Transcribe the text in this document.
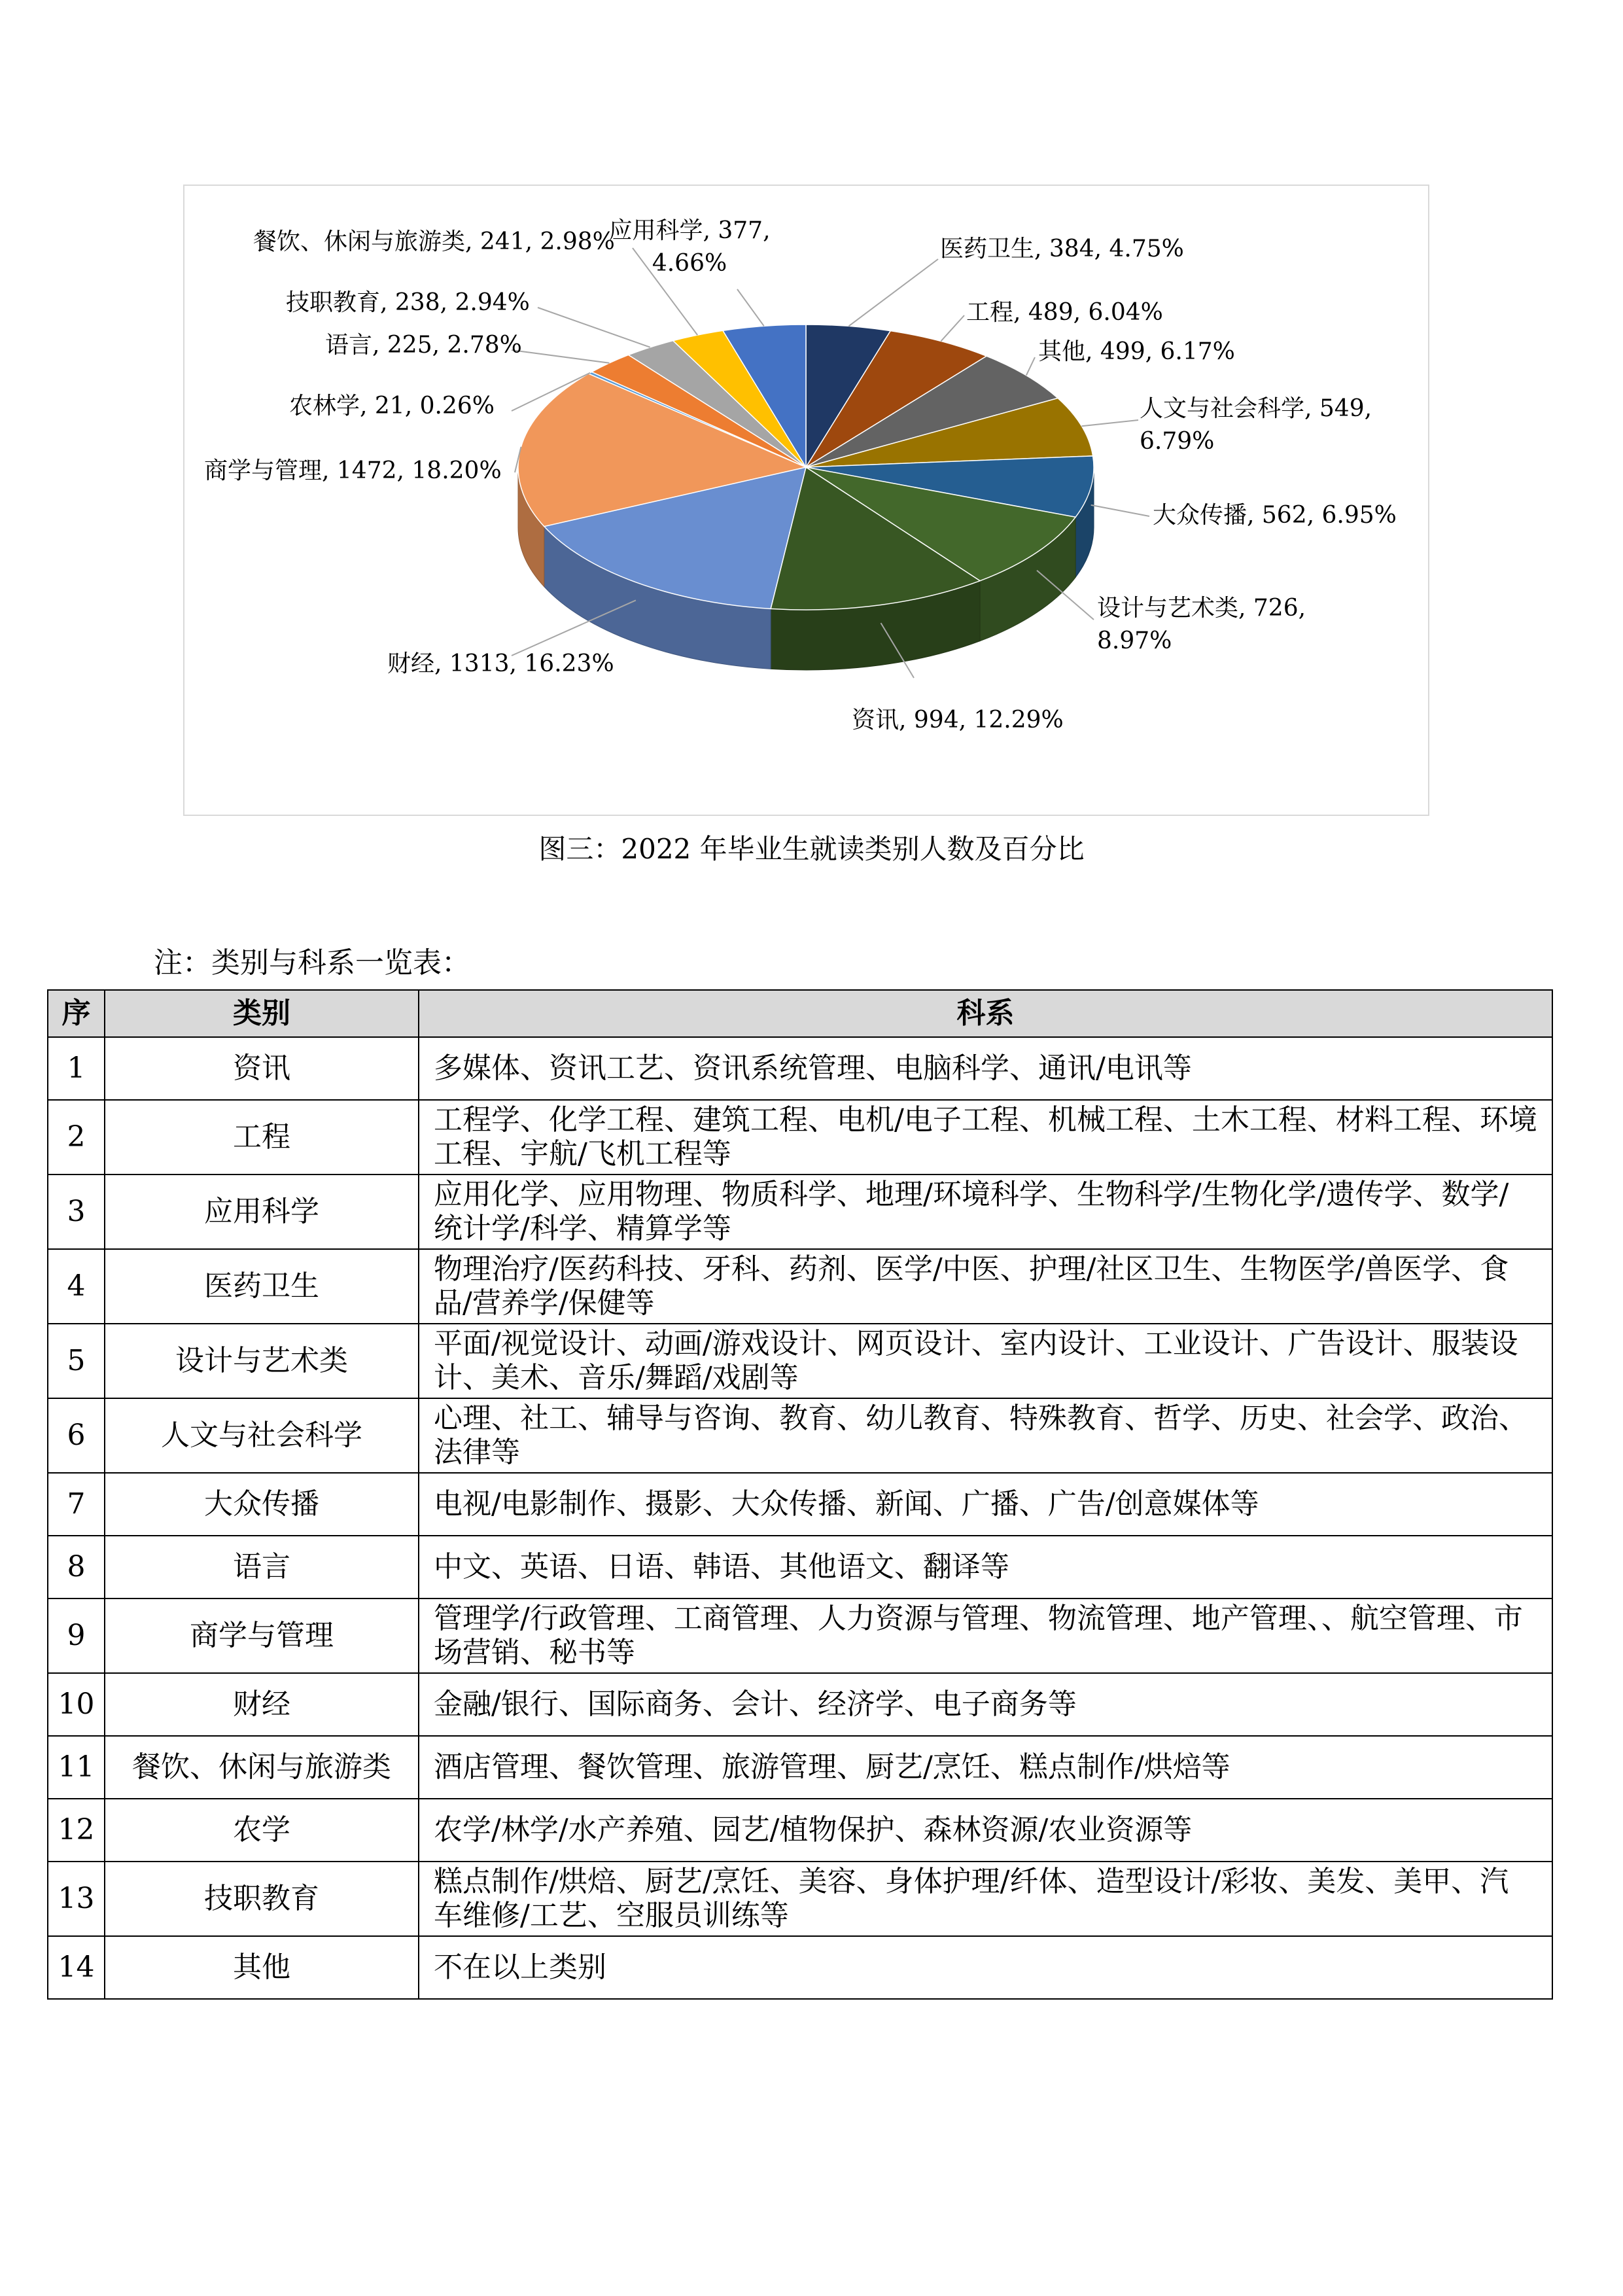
医药卫生, 384, 4.75%
工程, 489, 6.04%
其他, 499, 6.17%
人文与社会科学, 549, 6.79%
大众传播, 562, 6.95%
设计与艺术类, 726, 8.97%
资讯, 994, 12.29%
财经, 1313, 16.23%
商学与管理, 1472, 18.20%
农林学, 21, 0.26%
语言, 225, 2.78%
技职教育, 238, 2.94%
餐饮、休闲与旅游类, 241, 2.98%
应用科学, 377, 4.66%
图三：2022 年毕业生就读类别人数及百分比
注：类别与科系一览表：
序	类别	科系
1	资讯	多媒体、资讯工艺、资讯系统管理、电脑科学、通讯/电讯等
2	工程	工程学、化学工程、建筑工程、电机/电子工程、机械工程、土木工程、材料工程、环境工程、宇航/飞机工程等
3	应用科学	应用化学、应用物理、物质科学、地理/环境科学、生物科学/生物化学/遗传学、数学/统计学/科学、精算学等
4	医药卫生	物理治疗/医药科技、牙科、药剂、医学/中医、护理/社区卫生、生物医学/兽医学、食品/营养学/保健等
5	设计与艺术类	平面/视觉设计、动画/游戏设计、网页设计、室内设计、工业设计、广告设计、服装设计、美术、音乐/舞蹈/戏剧等
6	人文与社会科学	心理、社工、辅导与咨询、教育、幼儿教育、特殊教育、哲学、历史、社会学、政治、法律等
7	大众传播	电视/电影制作、摄影、大众传播、新闻、广播、广告/创意媒体等
8	语言	中文、英语、日语、韩语、其他语文、翻译等
9	商学与管理	管理学/行政管理、工商管理、人力资源与管理、物流管理、地产管理、、航空管理、市场营销、秘书等
10	财经	金融/银行、国际商务、会计、经济学、电子商务等
11	餐饮、休闲与旅游类	酒店管理、餐饮管理、旅游管理、厨艺/烹饪、糕点制作/烘焙等
12	农学	农学/林学/水产养殖、园艺/植物保护、森林资源/农业资源等
13	技职教育	糕点制作/烘焙、厨艺/烹饪、美容、身体护理/纤体、造型设计/彩妆、美发、美甲、汽车维修/工艺、空服员训练等
14	其他	不在以上类别
